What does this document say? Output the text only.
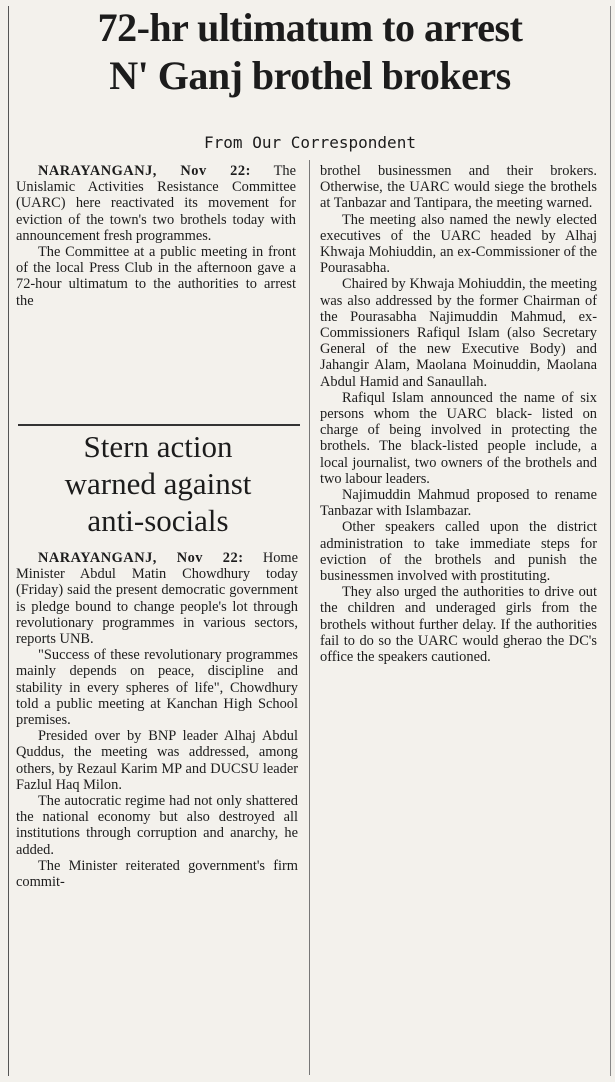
72-hr ultimatum to arrest
N' Ganj brothel brokers
From Our Correspondent

NARAYANGANJ, Nov 22: The Unislamic Activities Resistance Committee (UARC) here reactivated its movement for eviction of the town's two brothels today with announcement fresh programmes.

The Committee at a public meeting in front of the local Press Club in the afternoon gave a 72-hour ultimatum to the authorities to arrest the

Stern action
warned against
anti-socials

NARAYANGANJ, Nov 22: Home Minister Abdul Matin Chowdhury today (Friday) said the present democratic government is pledge bound to change people's lot through revolutionary programmes in various sectors, reports UNB.

"Success of these revolutionary programmes mainly depends on peace, discipline and stability in every spheres of life", Chowdhury told a public meeting at Kanchan High School premises.

Presided over by BNP leader Alhaj Abdul Quddus, the meeting was addressed, among others, by Rezaul Karim MP and DUCSU leader Fazlul Haq Milon.

The autocratic regime had not only shattered the national economy but also destroyed all institutions through corruption and anarchy, he added.

The Minister reiterated government's firm commit-

brothel businessmen and their brokers. Otherwise, the UARC would siege the brothels at Tanbazar and Tantipara, the meeting warned.

The meeting also named the newly elected executives of the UARC headed by Alhaj Khwaja Mohiuddin, an ex-Commissioner of the Pourasabha.

Chaired by Khwaja Mohiuddin, the meeting was also addressed by the former Chairman of the Pourasabha Najimuddin Mahmud, ex-Commissioners Rafiqul Islam (also Secretary General of the new Executive Body) and Jahangir Alam, Maolana Moinuddin, Maolana Abdul Hamid and Sanaullah.

Rafiqul Islam announced the name of six persons whom the UARC black- listed on charge of being involved in protecting the brothels. The black-listed people include, a local journalist, two owners of the brothels and two labour leaders.

Najimuddin Mahmud proposed to rename Tanbazar with Islambazar.

Other speakers called upon the district administration to take immediate steps for eviction of the brothels and punish the businessmen involved with prostituting.

They also urged the authorities to drive out the children and underaged girls from the brothels without further delay. If the authorities fail to do so the UARC would gherao the DC's office the speakers cautioned.
